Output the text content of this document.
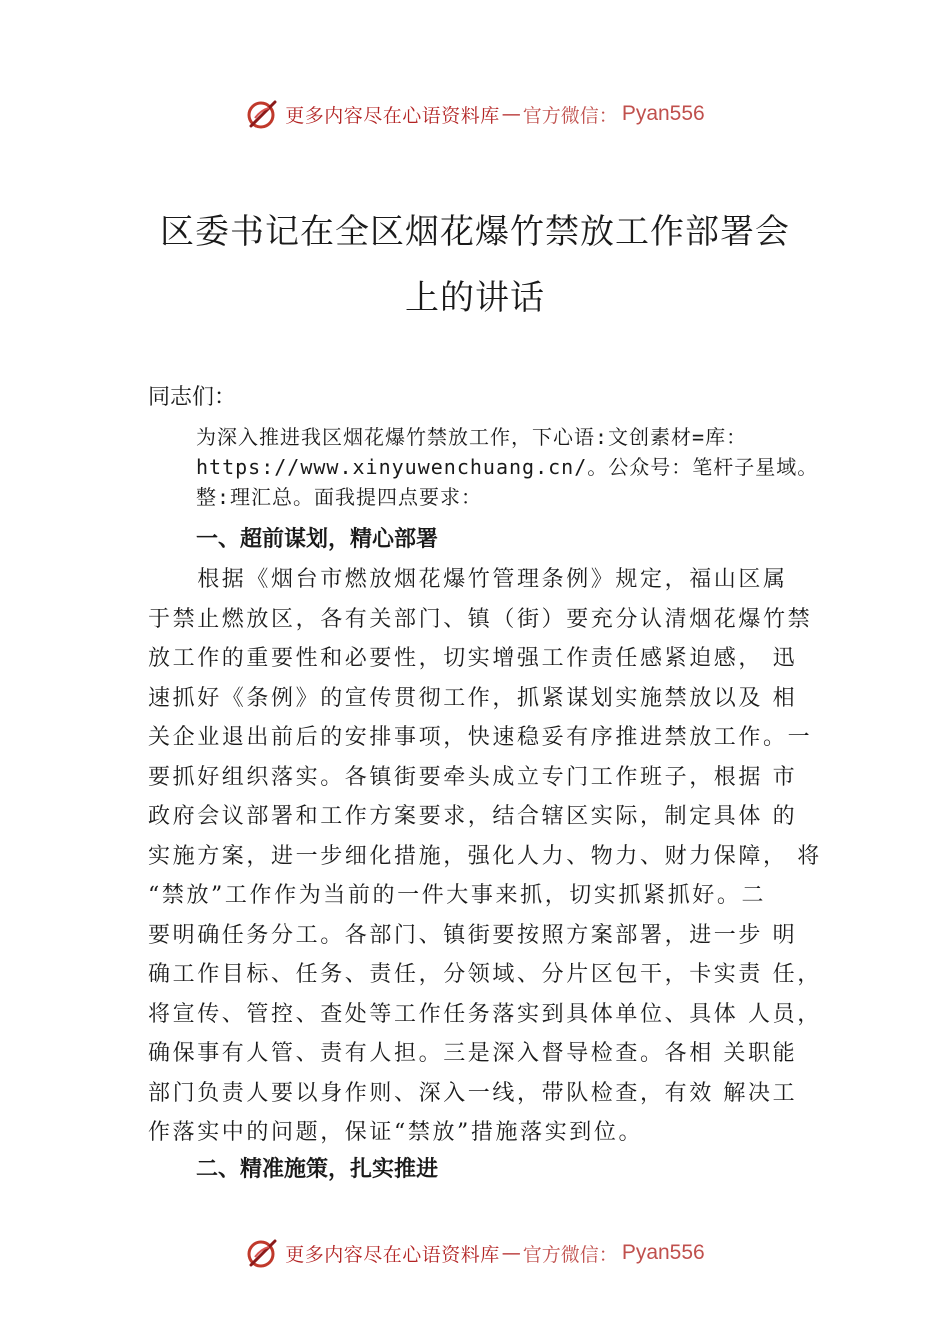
更多内容尽在心语资料库 — 官方微信： Pyan556
区委书记在全区烟花爆竹禁放工作部署会
上的讲话
同志们：
为深入推进我区烟花爆竹禁放工作，下心语:文创素材=库：
https://www.xinyuwenchuang.cn/。公众号：笔杆子星域。
整:理汇总。面我提四点要求：
一、超前谋划，精心部署
　　根据《烟台市燃放烟花爆竹管理条例》规定，福山区属
于禁止燃放区，各有关部门、镇（街）要充分认清烟花爆竹禁
放工作的重要性和必要性，切实增强工作责任感紧迫感， 迅
速抓好《条例》的宣传贯彻工作，抓紧谋划实施禁放以及 相
关企业退出前后的安排事项，快速稳妥有序推进禁放工作。一
要抓好组织落实。各镇街要牵头成立专门工作班子，根据 市
政府会议部署和工作方案要求，结合辖区实际，制定具体 的
实施方案，进一步细化措施，强化人力、物力、财力保障， 将
“禁放”工作作为当前的一件大事来抓，切实抓紧抓好。二
要明确任务分工。各部门、镇街要按照方案部署，进一步 明
确工作目标、任务、责任，分领域、分片区包干，卡实责 任，
将宣传、管控、查处等工作任务落实到具体单位、具体 人员，
确保事有人管、责有人担。三是深入督导检查。各相 关职能
部门负责人要以身作则、深入一线，带队检查，有效 解决工
作落实中的问题，保证“禁放”措施落实到位。
二、精准施策，扎实推进
更多内容尽在心语资料库 — 官方微信： Pyan556
